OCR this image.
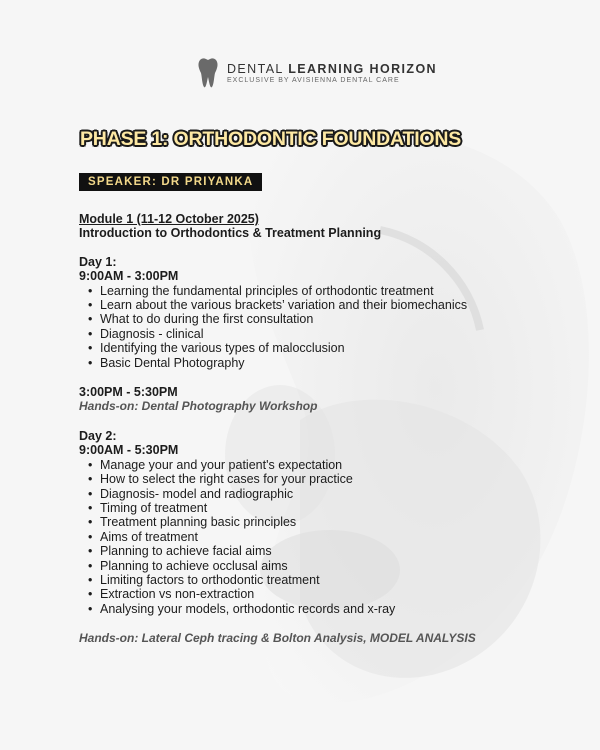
DENTAL LEARNING HORIZON
EXCLUSIVE BY AVISIENNA DENTAL CARE
PHASE 1: ORTHODONTIC FOUNDATIONS
SPEAKER: DR PRIYANKA
Module 1 (11-12 October 2025)
Introduction to Orthodontics & Treatment Planning
Day 1:
9:00AM - 3:00PM
• Learning the fundamental principles of orthodontic treatment
• Learn about the various brackets’ variation and their biomechanics
• What to do during the first consultation
• Diagnosis - clinical
• Identifying the various types of malocclusion
• Basic Dental Photography
3:00PM - 5:30PM
Hands-on: Dental Photography Workshop
Day 2:
9:00AM - 5:30PM
• Manage your and your patient's expectation
• How to select the right cases for your practice
• Diagnosis- model and radiographic
• Timing of treatment
• Treatment planning basic principles
• Aims of treatment
• Planning to achieve facial aims
• Planning to achieve occlusal aims
• Limiting factors to orthodontic treatment
• Extraction vs non-extraction
• Analysing your models, orthodontic records and x-ray
Hands-on: Lateral Ceph tracing & Bolton Analysis, MODEL ANALYSIS
